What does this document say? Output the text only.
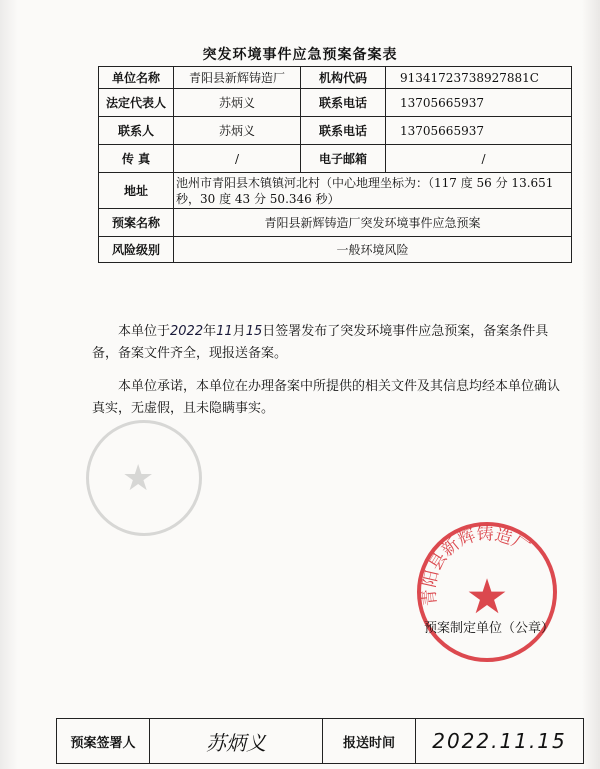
突发环境事件应急预案备案表
单位名称	青阳县新辉铸造厂	机构代码	91341723738927881C
法定代表人	苏炳义	联系电话	13705665937
联系人	苏炳义	联系电话	13705665937
传 真	/	电子邮箱	/
地址	池州市青阳县木镇镇河北村（中心地理坐标为：（117 度 56 分 13.651 秒，30 度 43 分 50.346 秒）		
预案名称	青阳县新辉铸造厂突发环境事件应急预案		
风险级别	一般环境风险		
本单位于2022年11月15日签署发布了突发环境事件应急预案，备案条件具备，备案文件齐全，现报送备案。
本单位承诺，本单位在办理备案中所提供的相关文件及其信息均经本单位确认真实，无虚假，且未隐瞒事实。
★
青阳县新辉铸造厂
★
预案制定单位（公章）
预案签署人	苏炳义	报送时间	2022.11.15
